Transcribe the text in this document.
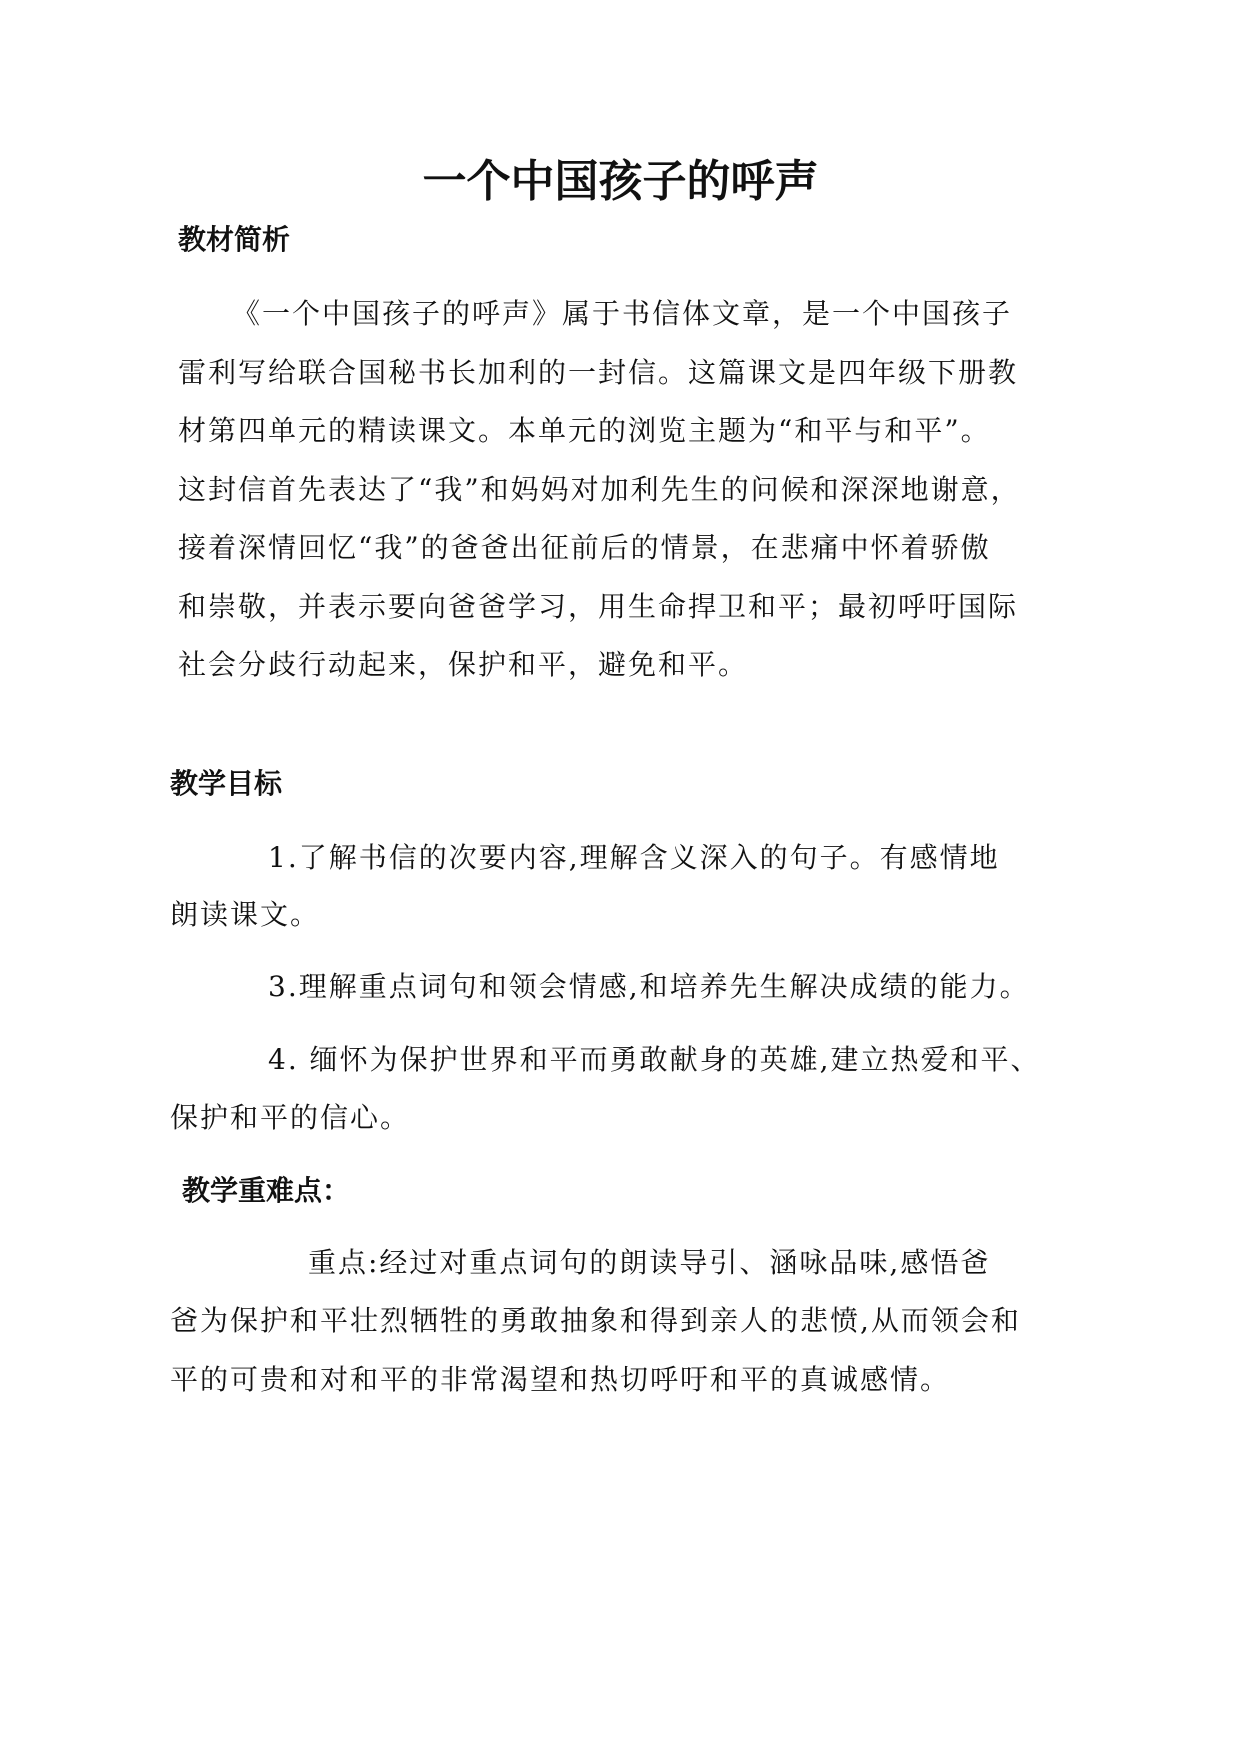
一个中国孩子的呼声
教材简析

《一个中国孩子的呼声》属于书信体文章，是一个中国孩子

雷利写给联合国秘书长加利的一封信。这篇课文是四年级下册教

材第四单元的精读课文。本单元的浏览主题为“和平与和平”。

这封信首先表达了“我”和妈妈对加利先生的问候和深深地谢意，

接着深情回忆“我”的爸爸出征前后的情景，在悲痛中怀着骄傲

和崇敬，并表示要向爸爸学习，用生命捍卫和平；最初呼吁国际

社会分歧行动起来，保护和平，避免和平。

教学目标

1.了解书信的次要内容,理解含义深入的句子。有感情地

朗读课文。

3.理解重点词句和领会情感,和培养先生解决成绩的能力。

4. 缅怀为保护世界和平而勇敢献身的英雄,建立热爱和平、

保护和平的信心。

教学重难点：

重点:经过对重点词句的朗读导引、涵咏品味,感悟爸

爸为保护和平壮烈牺牲的勇敢抽象和得到亲人的悲愤,从而领会和

平的可贵和对和平的非常渴望和热切呼吁和平的真诚感情。
